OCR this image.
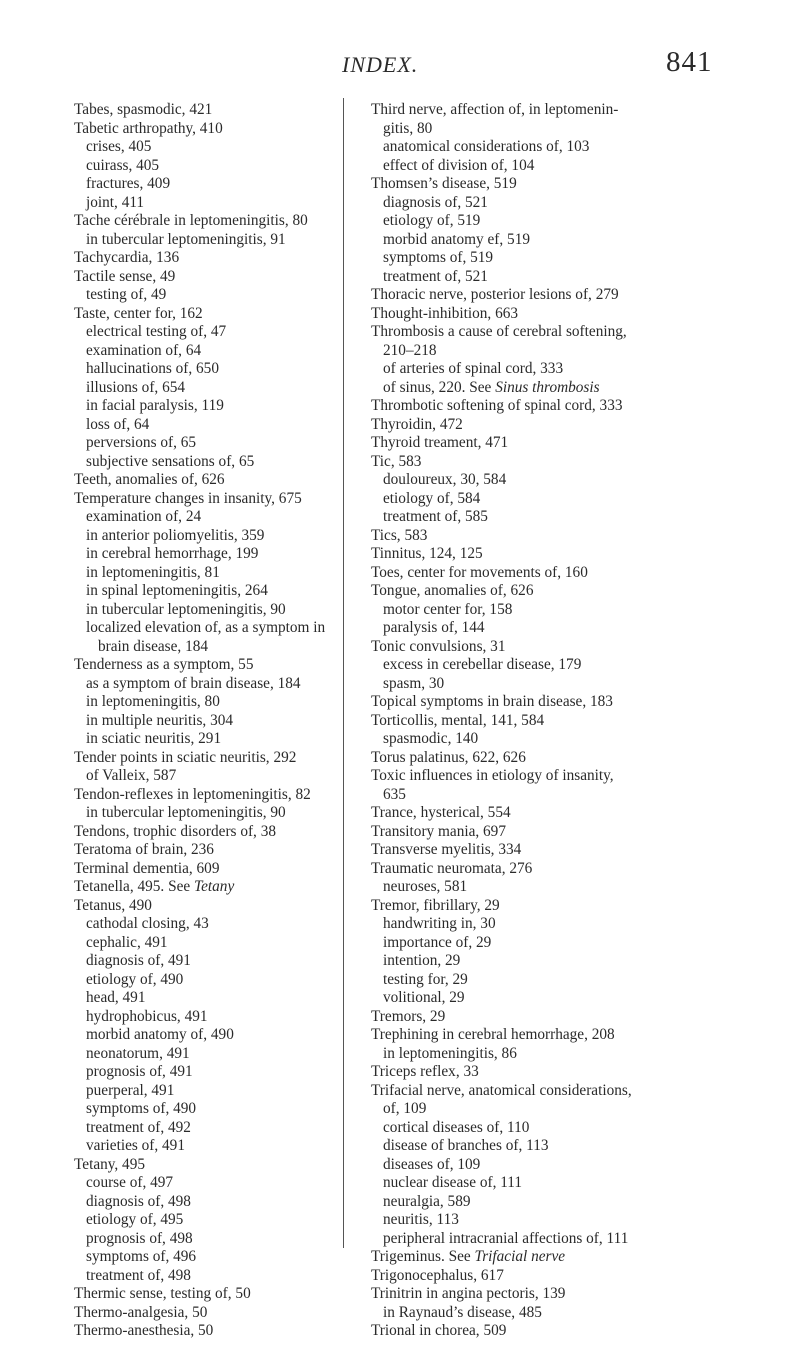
INDEX.	841
Tabes, spasmodic, 421
Tabetic arthropathy, 410
crises, 405
cuirass, 405
fractures, 409
joint, 411
Tache cérébrale in leptomeningitis, 80
in tubercular leptomeningitis, 91
Tachycardia, 136
Tactile sense, 49
testing of, 49
Taste, center for, 162
electrical testing of, 47
examination of, 64
hallucinations of, 650
illusions of, 654
in facial paralysis, 119
loss of, 64
perversions of, 65
subjective sensations of, 65
Teeth, anomalies of, 626
Temperature changes in insanity, 675
examination of, 24
in anterior poliomyelitis, 359
in cerebral hemorrhage, 199
in leptomeningitis, 81
in spinal leptomeningitis, 264
in tubercular leptomeningitis, 90
localized elevation of, as a symptom in
brain disease, 184
Tenderness as a symptom, 55
as a symptom of brain disease, 184
in leptomeningitis, 80
in multiple neuritis, 304
in sciatic neuritis, 291
Tender points in sciatic neuritis, 292
of Valleix, 587
Tendon-reflexes in leptomeningitis, 82
in tubercular leptomeningitis, 90
Tendons, trophic disorders of, 38
Teratoma of brain, 236
Terminal dementia, 609
Tetanella, 495. See Tetany
Tetanus, 490
cathodal closing, 43
cephalic, 491
diagnosis of, 491
etiology of, 490
head, 491
hydrophobicus, 491
morbid anatomy of, 490
neonatorum, 491
prognosis of, 491
puerperal, 491
symptoms of, 490
treatment of, 492
varieties of, 491
Tetany, 495
course of, 497
diagnosis of, 498
etiology of, 495
prognosis of, 498
symptoms of, 496
treatment of, 498
Thermic sense, testing of, 50
Thermo-analgesia, 50
Thermo-anesthesia, 50
Third nerve, affection of, in leptomenin-
gitis, 80
anatomical considerations of, 103
effect of division of, 104
Thomsen’s disease, 519
diagnosis of, 521
etiology of, 519
morbid anatomy ef, 519
symptoms of, 519
treatment of, 521
Thoracic nerve, posterior lesions of, 279
Thought-inhibition, 663
Thrombosis a cause of cerebral softening,
210–218
of arteries of spinal cord, 333
of sinus, 220. See Sinus thrombosis
Thrombotic softening of spinal cord, 333
Thyroidin, 472
Thyroid treament, 471
Tic, 583
douloureux, 30, 584
etiology of, 584
treatment of, 585
Tics, 583
Tinnitus, 124, 125
Toes, center for movements of, 160
Tongue, anomalies of, 626
motor center for, 158
paralysis of, 144
Tonic convulsions, 31
excess in cerebellar disease, 179
spasm, 30
Topical symptoms in brain disease, 183
Torticollis, mental, 141, 584
spasmodic, 140
Torus palatinus, 622, 626
Toxic influences in etiology of insanity,
635
Trance, hysterical, 554
Transitory mania, 697
Transverse myelitis, 334
Traumatic neuromata, 276
neuroses, 581
Tremor, fibrillary, 29
handwriting in, 30
importance of, 29
intention, 29
testing for, 29
volitional, 29
Tremors, 29
Trephining in cerebral hemorrhage, 208
in leptomeningitis, 86
Triceps reflex, 33
Trifacial nerve, anatomical considerations,
of, 109
cortical diseases of, 110
disease of branches of, 113
diseases of, 109
nuclear disease of, 111
neuralgia, 589
neuritis, 113
peripheral intracranial affections of, 111
Trigeminus. See Trifacial nerve
Trigonocephalus, 617
Trinitrin in angina pectoris, 139
in Raynaud’s disease, 485
Trional in chorea, 509
